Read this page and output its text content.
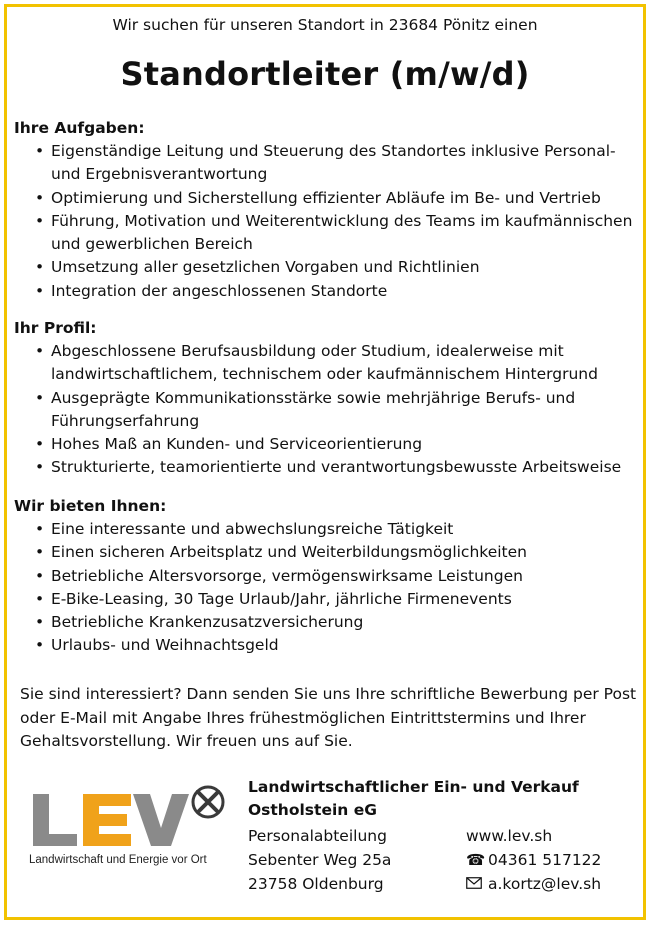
Wir suchen für unseren Standort in 23684 Pönitz einen
Standortleiter (m/w/d)
Ihre Aufgaben:
• Eigenständige Leitung und Steuerung des Standortes inklusive Personal- und Ergebnisverantwortung
• Optimierung und Sicherstellung effizienter Abläufe im Be- und Vertrieb
• Führung, Motivation und Weiterentwicklung des Teams im kaufmännischen und gewerblichen Bereich
• Umsetzung aller gesetzlichen Vorgaben und Richtlinien
• Integration der angeschlossenen Standorte
Ihr Profil:
• Abgeschlossene Berufsausbildung oder Studium, idealerweise mit landwirtschaftlichem, technischem oder kaufmännischem Hintergrund
• Ausgeprägte Kommunikationsstärke sowie mehrjährige Berufs- und Führungserfahrung
• Hohes Maß an Kunden- und Serviceorientierung
• Strukturierte, teamorientierte und verantwortungsbewusste Arbeitsweise
Wir bieten Ihnen:
• Eine interessante und abwechslungsreiche Tätigkeit
• Einen sicheren Arbeitsplatz und Weiterbildungsmöglichkeiten
• Betriebliche Altersvorsorge, vermögenswirksame Leistungen
• E-Bike-Leasing, 30 Tage Urlaub/Jahr, jährliche Firmenevents
• Betriebliche Krankenzusatzversicherung
• Urlaubs- und Weihnachtsgeld
Sie sind interessiert? Dann senden Sie uns Ihre schriftliche Bewerbung per Post oder E-Mail mit Angabe Ihres frühestmöglichen Eintrittstermins und Ihrer Gehaltsvorstellung. Wir freuen uns auf Sie.
Landwirtschaft und Energie vor Ort
Landwirtschaftlicher Ein- und Verkauf
Ostholstein eG
Personalabteilung
Sebenter Weg 25a
23758 Oldenburg
www.lev.sh
☎ 04361 517122
a.kortz@lev.sh
